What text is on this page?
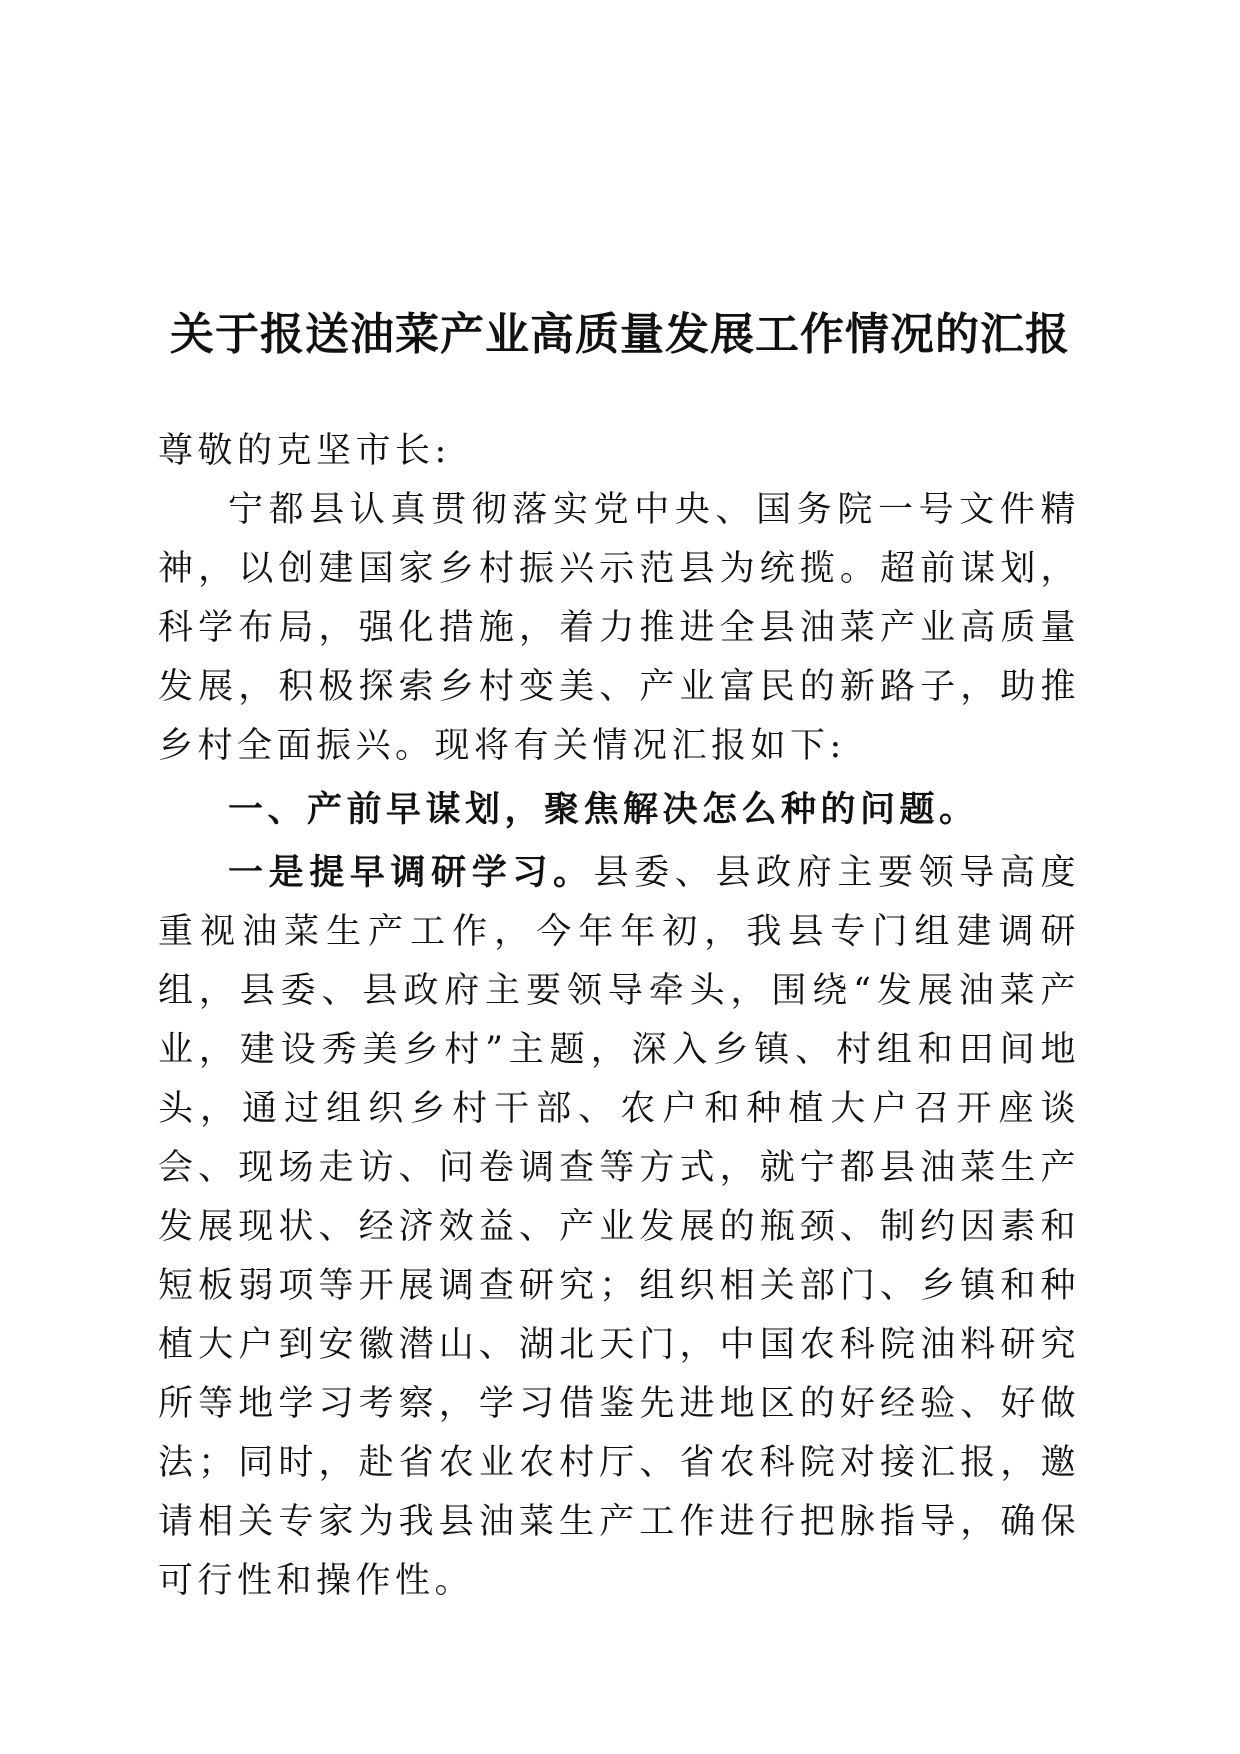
关于报送油菜产业高质量发展工作情况的汇报

尊敬的克坚市长:

宁都县认真贯彻落实党中央、国务院一号文件精神，以创建国家乡村振兴示范县为统揽。超前谋划，科学布局，强化措施，着力推进全县油菜产业高质量发展，积极探索乡村变美、产业富民的新路子，助推乡村全面振兴。现将有关情况汇报如下:

一、产前早谋划，聚焦解决怎么种的问题。

一是提早调研学习。县委、县政府主要领导高度重视油菜生产工作，今年年初，我县专门组建调研组，县委、县政府主要领导牵头，围绕“发展油菜产业，建设秀美乡村”主题，深入乡镇、村组和田间地头，通过组织乡村干部、农户和种植大户召开座谈会、现场走访、问卷调查等方式，就宁都县油菜生产发展现状、经济效益、产业发展的瓶颈、制约因素和短板弱项等开展调查研究；组织相关部门、乡镇和种植大户到安徽潜山、湖北天门，中国农科院油料研究所等地学习考察，学习借鉴先进地区的好经验、好做法；同时，赴省农业农村厅、省农科院对接汇报，邀请相关专家为我县油菜生产工作进行把脉指导，确保可行性和操作性。
